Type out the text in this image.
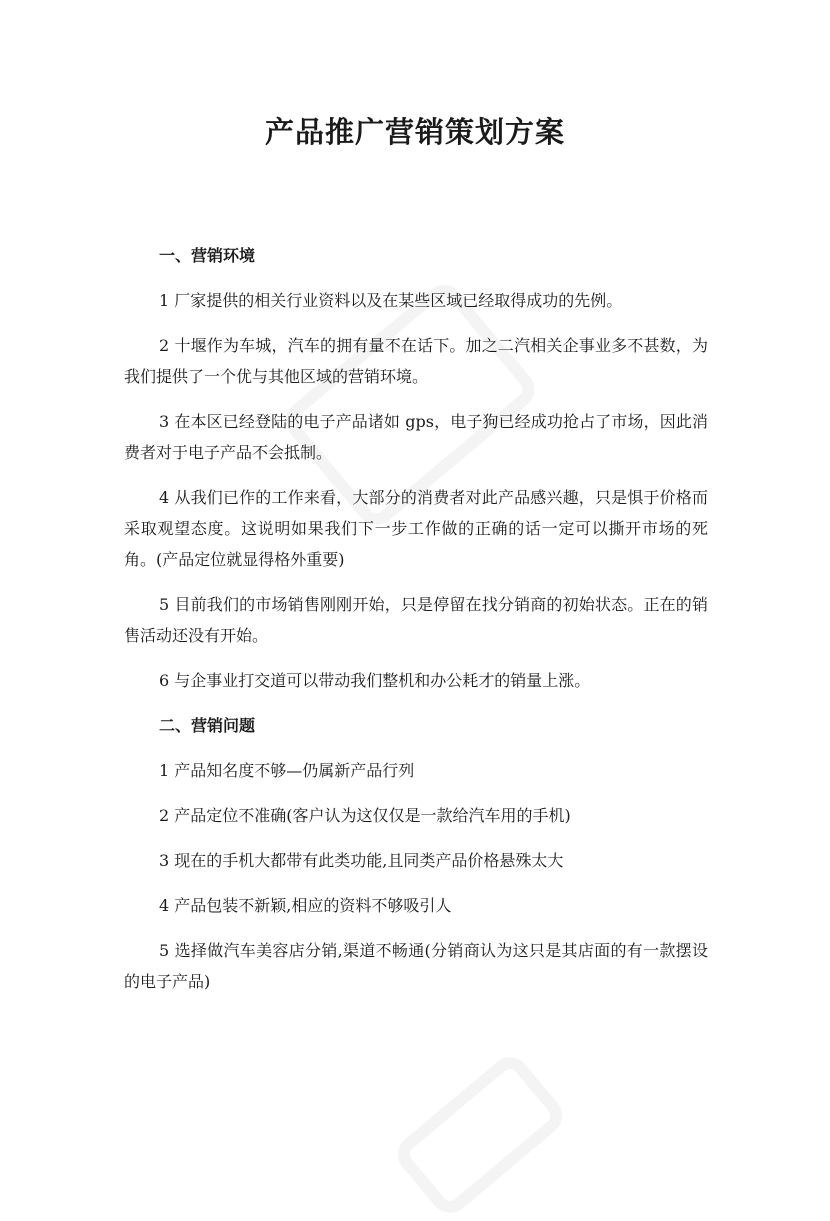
产品推广营销策划方案

一、营销环境

1 厂家提供的相关行业资料以及在某些区域已经取得成功的先例。

2 十堰作为车城，汽车的拥有量不在话下。加之二汽相关企事业多不甚数，为我们提供了一个优与其他区域的营销环境。

3 在本区已经登陆的电子产品诸如 gps，电子狗已经成功抢占了市场，因此消费者对于电子产品不会抵制。

4 从我们已作的工作来看，大部分的消费者对此产品感兴趣，只是惧于价格而采取观望态度。这说明如果我们下一步工作做的正确的话一定可以撕开市场的死角。(产品定位就显得格外重要)

5 目前我们的市场销售刚刚开始，只是停留在找分销商的初始状态。正在的销售活动还没有开始。

6 与企事业打交道可以带动我们整机和办公耗才的销量上涨。

二、营销问题

1 产品知名度不够—仍属新产品行列

2 产品定位不准确(客户认为这仅仅是一款给汽车用的手机)

3 现在的手机大都带有此类功能,且同类产品价格悬殊太大

4 产品包装不新颖,相应的资料不够吸引人

5 选择做汽车美容店分销,渠道不畅通(分销商认为这只是其店面的有一款摆设的电子产品)
